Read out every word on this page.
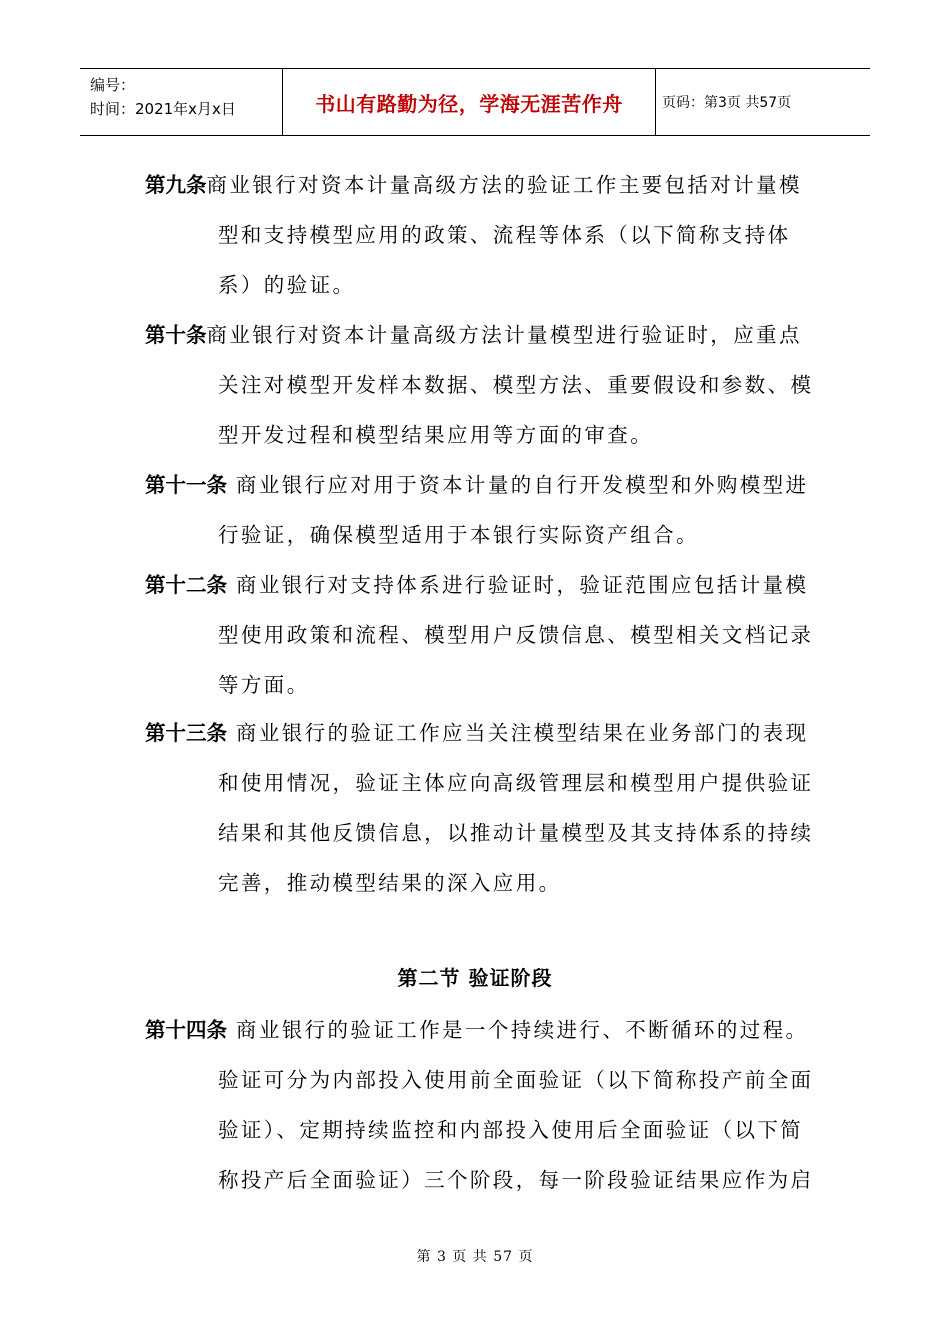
编号：
时间：2021年x月x日	书山有路勤为径，学海无涯苦作舟	页码：第3页 共57页
第九条商业银行对资本计量高级方法的验证工作主要包括对计量模
型和支持模型应用的政策、流程等体系（以下简称支持体
系）的验证。
第十条商业银行对资本计量高级方法计量模型进行验证时，应重点
关注对模型开发样本数据、模型方法、重要假设和参数、模
型开发过程和模型结果应用等方面的审查。
第十一条 商业银行应对用于资本计量的自行开发模型和外购模型进
行验证，确保模型适用于本银行实际资产组合。
第十二条 商业银行对支持体系进行验证时，验证范围应包括计量模
型使用政策和流程、模型用户反馈信息、模型相关文档记录
等方面。
第十三条 商业银行的验证工作应当关注模型结果在业务部门的表现
和使用情况，验证主体应向高级管理层和模型用户提供验证
结果和其他反馈信息，以推动计量模型及其支持体系的持续
完善，推动模型结果的深入应用。
第二节 验证阶段
第十四条 商业银行的验证工作是一个持续进行、不断循环的过程。
验证可分为内部投入使用前全面验证（以下简称投产前全面
验证）、定期持续监控和内部投入使用后全面验证（以下简
称投产后全面验证）三个阶段，每一阶段验证结果应作为启
第 3 页 共 57 页
